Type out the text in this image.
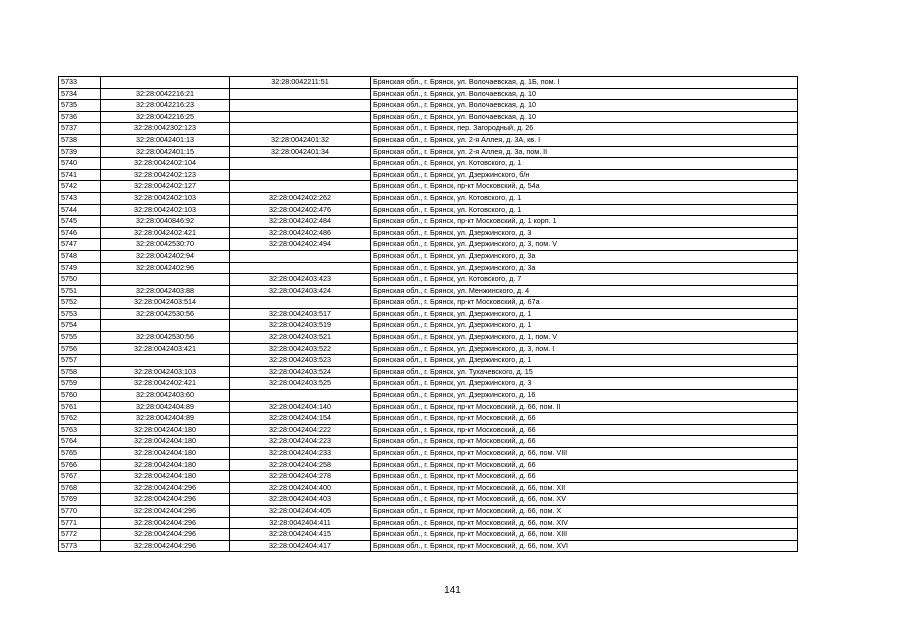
5733		32:28:0042211:51	Брянская обл., г. Брянск, ул. Волочаевская, д. 1Б, пом. I
5734	32:28:0042216:21		Брянская обл., г. Брянск, ул. Волочаевская, д. 10
5735	32:28:0042216:23		Брянская обл., г. Брянск, ул. Волочаевская, д. 10
5736	32:28:0042216:25		Брянская обл., г. Брянск, ул. Волочаевская, д. 10
5737	32:28:0042302:123		Брянская обл., г. Брянск, пер. Загородный, д. 26
5738	32:28:0042401:13	32:28:0042401:32	Брянская обл., г. Брянск, ул. 2-я Аллея, д. 3А, кв. I
5739	32:28:0042401:15	32:28:0042401:34	Брянская обл., г. Брянск, ул. 2-я Аллея, д. 3а, пом. II
5740	32:28:0042402:104		Брянская обл., г. Брянск, ул. Котовского, д. 1
5741	32:28:0042402:123		Брянская обл., г. Брянск, ул. Дзержинского, б/н
5742	32:28:0042402:127		Брянская обл., г. Брянск, пр-кт Московский, д. 54а
5743	32:28:0042402:103	32:28:0042402:262	Брянская обл., г. Брянск, ул. Котовского, д. 1
5744	32:28:0042402:103	32:28:0042402:476	Брянская обл., г. Брянск, ул. Котовского, д. 1
5745	32:28:0040846:92	32:28:0042402:484	Брянская обл., г. Брянск, пр-кт Московский, д. 1 корп. 1
5746	32:28:0042402:421	32:28:0042402:486	Брянская обл., г. Брянск, ул. Дзержинского, д. 3
5747	32:28:0042530:70	32:28:0042402:494	Брянская обл., г. Брянск, ул. Дзержинского, д. 3, пом. V
5748	32:28:0042402:94		Брянская обл., г. Брянск, ул. Дзержинского, д. 3а
5749	32:28:0042402:96		Брянская обл., г. Брянск, ул. Дзержинского, д. 3а
5750		32:28:0042403:423	Брянская обл., г. Брянск, ул. Котовского, д. 7
5751	32:28:0042403:88	32:28:0042403:424	Брянская обл., г. Брянск, ул. Менжинского, д. 4
5752	32:28:0042403:514		Брянская обл., г. Брянск, пр-кт Московский, д. 67а
5753	32:28:0042530:56	32:28:0042403:517	Брянская обл., г. Брянск, ул. Дзержинского, д. 1
5754		32:28:0042403:519	Брянская обл., г. Брянск, ул. Дзержинского, д. 1
5755	32:28:0042530:56	32:28:0042403:521	Брянская обл., г. Брянск, ул. Дзержинского, д. 1, пом. V
5756	32:28:0042403:421	32:28:0042403:522	Брянская обл., г. Брянск, ул. Дзержинского, д. 3, пом. I
5757		32:28:0042403:523	Брянская обл., г. Брянск, ул. Дзержинского, д. 1
5758	32:28:0042403:103	32:28:0042403:524	Брянская обл., г. Брянск, ул. Тухачевского, д. 15
5759	32:28:0042402:421	32:28:0042403:525	Брянская обл., г. Брянск, ул. Дзержинского, д. 3
5760	32:28:0042403:60		Брянская обл., г. Брянск, ул. Дзержинского, д. 16
5761	32:28:0042404:89	32:28:0042404:140	Брянская обл., г. Брянск, пр-кт Московский, д. 66, пом. II
5762	32:28:0042404:89	32:28:0042404:154	Брянская обл., г. Брянск, пр-кт Московский, д. 66
5763	32:28:0042404:180	32:28:0042404:222	Брянская обл., г. Брянск, пр-кт Московский, д. 66
5764	32:28:0042404:180	32:28:0042404:223	Брянская обл., г. Брянск, пр-кт Московский, д. 66
5765	32:28:0042404:180	32:28:0042404:233	Брянская обл., г. Брянск, пр-кт Московский, д. 66, пом. VIII
5766	32:28:0042404:180	32:28:0042404:258	Брянская обл., г. Брянск, пр-кт Московский, д. 66
5767	32:28:0042404:180	32:28:0042404:278	Брянская обл., г. Брянск, пр-кт Московский, д. 66
5768	32:28:0042404:296	32:28:0042404:400	Брянская обл., г. Брянск, пр-кт Московский, д. 66, пом. XII
5769	32:28:0042404:296	32:28:0042404:403	Брянская обл., г. Брянск, пр-кт Московский, д. 66, пом. XV
5770	32:28:0042404:296	32:28:0042404:405	Брянская обл., г. Брянск, пр-кт Московский, д. 66, пом. X
5771	32:28:0042404:296	32:28:0042404:411	Брянская обл., г. Брянск, пр-кт Московский, д. 66, пом. XIV
5772	32:28:0042404:296	32:28:0042404:415	Брянская обл., г. Брянск, пр-кт Московский, д. 66, пом. XIII
5773	32:28:0042404:296	32:28:0042404:417	Брянская обл., г. Брянск, пр-кт Московский, д. 66, пом. XVI
141
